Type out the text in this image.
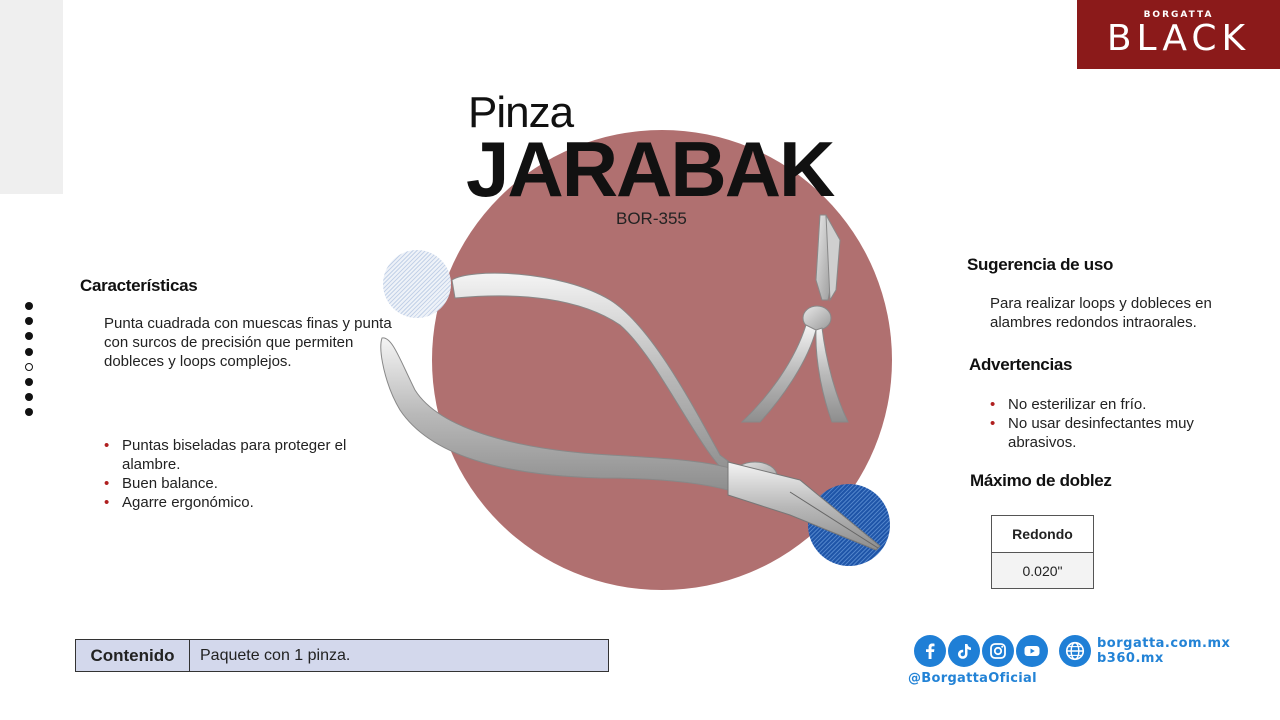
BORGATTA
BLACK
Pinza
JARABAK
BOR-355
Características
Punta cuadrada con muescas finas y punta con surcos de precisión que permiten dobleces y loops complejos.
• Puntas biseladas para proteger el alambre.
• Buen balance.
• Agarre ergonómico.
Sugerencia de uso
Para realizar loops y dobleces en alambres redondos intraorales.
Advertencias
• No esterilizar en frío.
• No usar desinfectantes muy abrasivos.
Máximo de doblez
Redondo
0.020"
Contenido	Paquete con 1 pinza.
borgatta.com.mx
b360.mx
@BorgattaOficial
